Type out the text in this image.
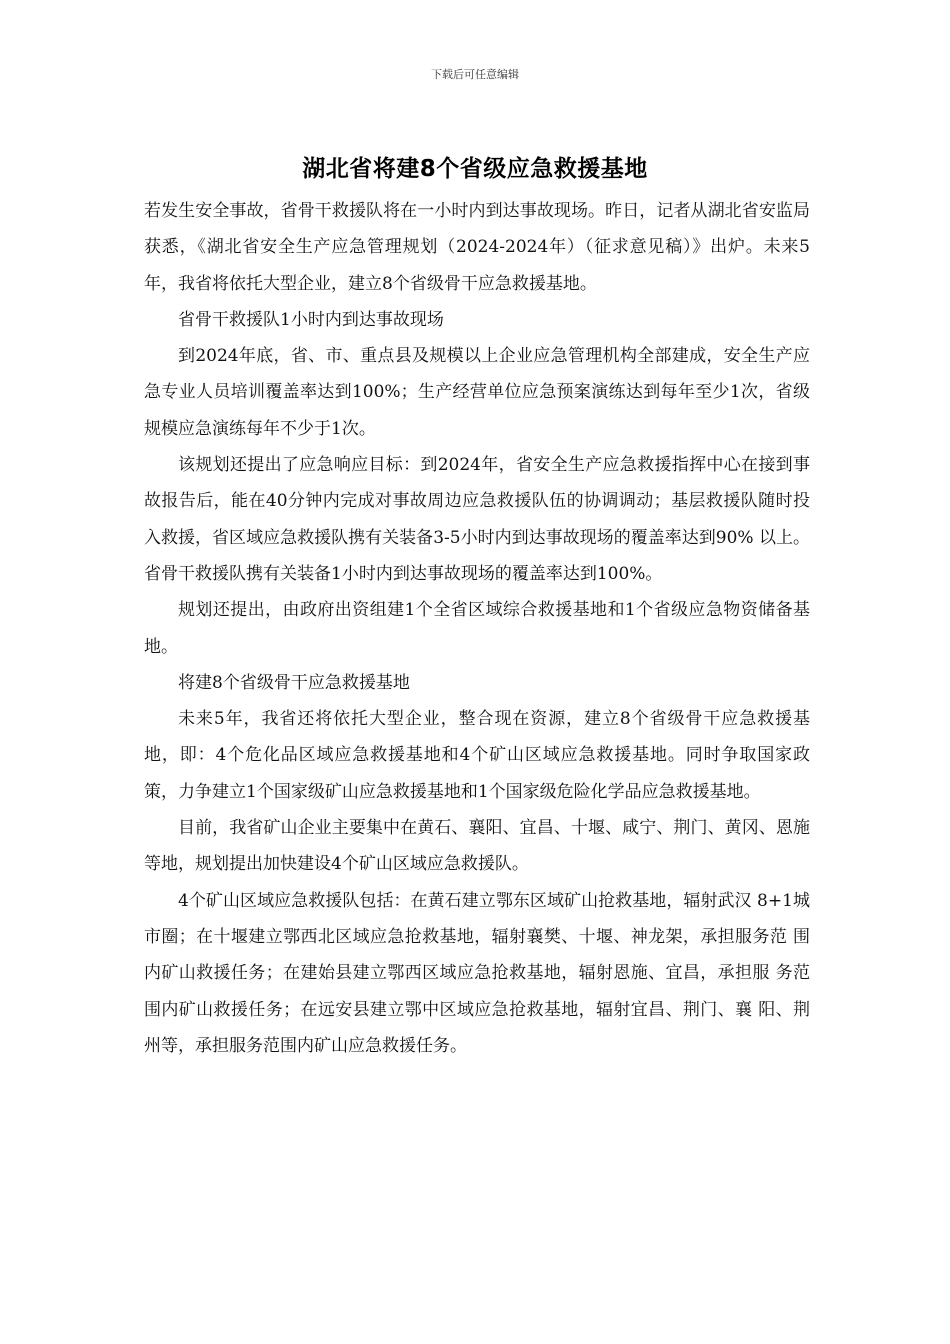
下载后可任意编辑
湖北省将建8个省级应急救援基地

若发生安全事故，省骨干救援队将在一小时内到达事故现场。昨日，记者从湖北省安监局获悉，《湖北省安全生产应急管理规划（2024-2024年）（征求意见稿）》出炉。未来5年，我省将依托大型企业，建立8个省级骨干应急救援基地。

省骨干救援队1小时内到达事故现场

到2024年底，省、市、重点县及规模以上企业应急管理机构全部建成，安全生产应急专业人员培训覆盖率达到100%；生产经营单位应急预案演练达到每年至少1次，省级规模应急演练每年不少于1次。

该规划还提出了应急响应目标：到2024年，省安全生产应急救援指挥中心在接到事故报告后，能在40分钟内完成对事故周边应急救援队伍的协调调动；基层救援队随时投入救援，省区域应急救援队携有关装备3-5小时内到达事故现场的覆盖率达到90% 以上。省骨干救援队携有关装备1小时内到达事故现场的覆盖率达到100%。

规划还提出，由政府出资组建1个全省区域综合救援基地和1个省级应急物资储备基地。

将建8个省级骨干应急救援基地

未来5年，我省还将依托大型企业，整合现在资源，建立8个省级骨干应急救援基地，即：4个危化品区域应急救援基地和4个矿山区域应急救援基地。同时争取国家政策，力争建立1个国家级矿山应急救援基地和1个国家级危险化学品应急救援基地。

目前，我省矿山企业主要集中在黄石、襄阳、宜昌、十堰、咸宁、荆门、黄冈、恩施等地，规划提出加快建设4个矿山区域应急救援队。

4个矿山区域应急救援队包括：在黄石建立鄂东区域矿山抢救基地，辐射武汉 8+1城 市圈；在十堰建立鄂西北区域应急抢救基地，辐射襄樊、十堰、神龙架，承担服务范 围内矿山救援任务；在建始县建立鄂西区域应急抢救基地，辐射恩施、宜昌，承担服 务范围内矿山救援任务；在远安县建立鄂中区域应急抢救基地，辐射宜昌、荆门、襄 阳、荆州等，承担服务范围内矿山应急救援任务。
